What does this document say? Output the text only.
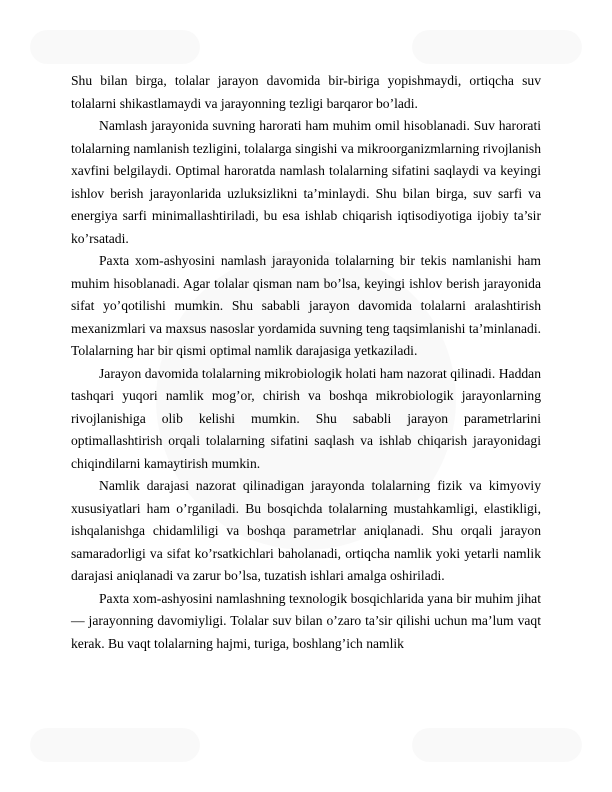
Shu bilan birga, tolalar jarayon davomida bir-biriga yopishmaydi, ortiqcha suv tolalarni shikastlamaydi va jarayonning tezligi barqaror bo’ladi.

Namlash jarayonida suvning harorati ham muhim omil hisoblanadi. Suv harorati tolalarning namlanish tezligini, tolalarga singishi va mikroorganizmlarning rivojlanish xavfini belgilaydi. Optimal haroratda namlash tolalarning sifatini saqlaydi va keyingi ishlov berish jarayonlarida uzluksizlikni ta’minlaydi. Shu bilan birga, suv sarfi va energiya sarfi minimallashtiriladi, bu esa ishlab chiqarish iqtisodiyotiga ijobiy ta’sir ko’rsatadi.

Paxta xom-ashyosini namlash jarayonida tolalarning bir tekis namlanishi ham muhim hisoblanadi. Agar tolalar qisman nam bo’lsa, keyingi ishlov berish jarayonida sifat yo’qotilishi mumkin. Shu sababli jarayon davomida tolalarni aralashtirish mexanizmlari va maxsus nasoslar yordamida suvning teng taqsimlanishi ta’minlanadi. Tolalarning har bir qismi optimal namlik darajasiga yetkaziladi.

Jarayon davomida tolalarning mikrobiologik holati ham nazorat qilinadi. Haddan tashqari yuqori namlik mog’or, chirish va boshqa mikrobiologik jarayonlarning rivojlanishiga olib kelishi mumkin. Shu sababli jarayon parametrlarini optimallashtirish orqali tolalarning sifatini saqlash va ishlab chiqarish jarayonidagi chiqindilarni kamaytirish mumkin.

Namlik darajasi nazorat qilinadigan jarayonda tolalarning fizik va kimyoviy xususiyatlari ham o’rganiladi. Bu bosqichda tolalarning mustahkamligi, elastikligi, ishqalanishga chidamliligi va boshqa parametrlar aniqlanadi. Shu orqali jarayon samaradorligi va sifat ko’rsatkichlari baholanadi, ortiqcha namlik yoki yetarli namlik darajasi aniqlanadi va zarur bo’lsa, tuzatish ishlari amalga oshiriladi.

Paxta xom-ashyosini namlashning texnologik bosqichlarida yana bir muhim jihat — jarayonning davomiyligi. Tolalar suv bilan o’zaro ta’sir qilishi uchun ma’lum vaqt kerak. Bu vaqt tolalarning hajmi, turiga, boshlang’ich namlik
